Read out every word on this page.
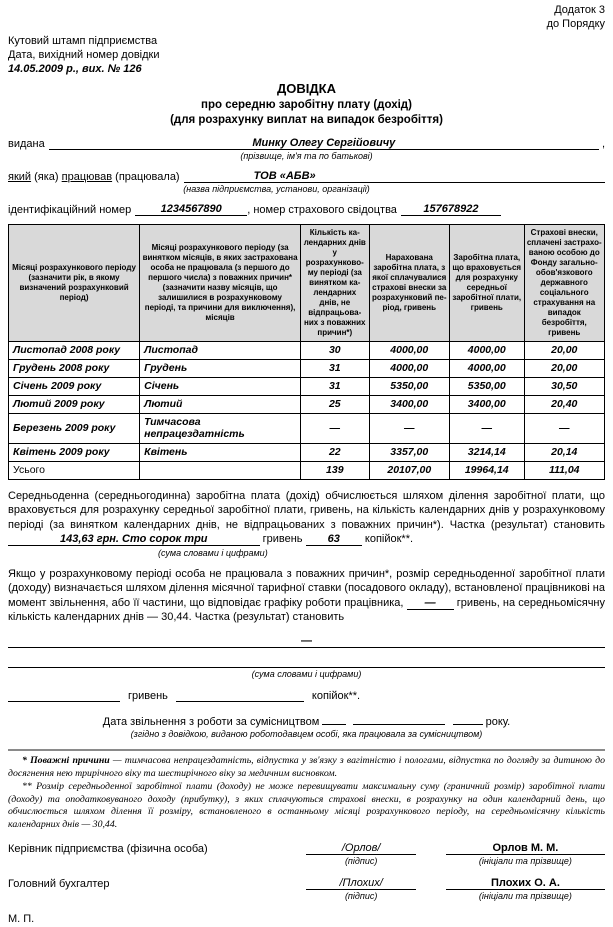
Додаток 3
до Порядку
Кутовий штамп підприємства
Дата, вихідний номер довідки
14.05.2009 р., вих. № 126
ДОВІДКА
про середню заробітну плату (дохід)
(для розрахунку виплат на випадок безробіття)
видана	Минку Олегу Сергійовичу	,
(прізвище, ім'я та по батькові)
який (яка) працював (працювала)	ТОВ «АБВ»
(назва підприємства, установи, організації)
ідентифікаційний номер	1234567890	, номер страхового свідоцтва	157678922
Місяці розрахункового періоду (зазначити рік, в якому визначений розрахунковий період)	Місяці розрахункового періоду (за винятком місяців, в яких застрахована особа не працювала (з першого до першого числа) з поважних причин* (зазначити назву місяців, що залишилися в розрахунковому періоді, та причини для виключення), місяців	Кількість календарних днів у розрахунковому періоді (за винятком календарних днів, не відпрацьованих з поважних причин*)	Нарахована заробітна плата, з якої сплачувалися страхові внески за розрахунковий період, гривень	Заробітна плата, що враховується для розрахунку середньої заробітної плати, гривень	Страхові внески, сплачені застрахованою особою до Фонду загальнообов'язкового державного соціального страхування на випадок безробіття, гривень
Листопад 2008 року	Листопад	30	4000,00	4000,00	20,00
Грудень 2008 року	Грудень	31	4000,00	4000,00	20,00
Січень 2009 року	Січень	31	5350,00	5350,00	30,50
Лютий 2009 року	Лютий	25	3400,00	3400,00	20,40
Березень 2009 року	Тимчасова непрацездатність	—	—	—	—
Квітень 2009 року	Квітень	22	3357,00	3214,14	20,14
Усього		139	20107,00	19964,14	111,04
Середньоденна (середньогодинна) заробітна плата (дохід) обчислюється шляхом ділення заробітної плати, що враховується для розрахунку середньої заробітної плати, гривень, на кількість календарних днів у розрахунковому періоді (за винятком календарних днів, не відпрацьованих з поважних причин*). Частка (результат) становить 143,63 грн. Сто сорок три	гривень 63 копійок**.
(сума словами і цифрами)
Якщо у розрахунковому періоді особа не працювала з поважних причин*, розмір середньоденної заробітної плати (доходу) визначається шляхом ділення місячної тарифної ставки (посадового окладу), встановленої працівникові на момент звільнення, або її частини, що відповідає графіку роботи працівника, — гривень, на середньомісячну кількість календарних днів — 30,44. Частка (результат) становить
—
(сума словами і цифрами)
гривень	копійок**.
Дата звільнення з роботи за сумісництвом	року.
(згідно з довідкою, виданою роботодавцем особі, яка працювала за сумісництвом)

* Поважні причини — тимчасова непрацездатність, відпустка у зв'язку з вагітністю і пологами, відпустка по догляду за дитиною до досягнення нею трирічного віку та шестирічного віку за медичним висновком.

** Розмір середньоденної заробітної плати (доходу) не може перевищувати максимальну суму (граничний розмір) заробітної плати (доходу) та оподатковуваного доходу (прибутку), з яких сплачуються страхові внески, в розрахунку на один календарний день, що обчислюється шляхом ділення її розміру, встановленого в останньому місяці розрахункового періоду, на середньомісячну кількість календарних днів — 30,44.

Керівник підприємства (фізична особа)	/Орлов/
(підпис)
Орлов М. М.
(ініціали та прізвище)
Головний бухгалтер	/Плохих/
(підпис)
Плохих О. А.
(ініціали та прізвище)
М. П.
